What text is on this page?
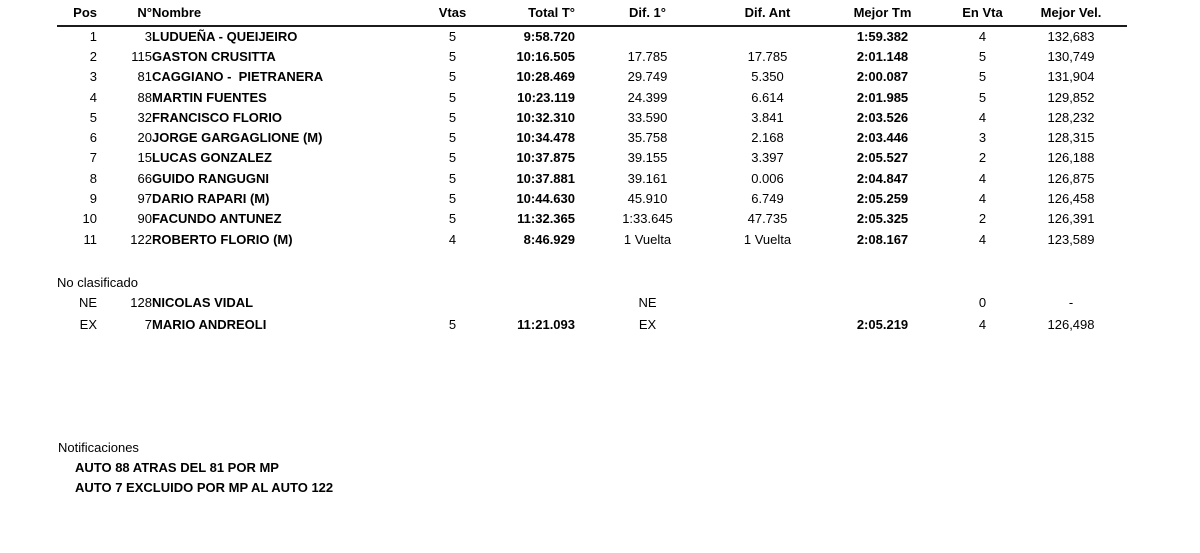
Pos	N°	Nombre	Vtas	Total T°	Dif. 1°	Dif. Ant	Mejor Tm	En Vta	Mejor Vel.
1	3	LUDUEÑA - QUEIJEIRO	5	9:58.720			1:59.382	4	132,683
2	115	GASTON CRUSITTA	5	10:16.505	17.785	17.785	2:01.148	5	130,749
3	81	CAGGIANO -  PIETRANERA	5	10:28.469	29.749	5.350	2:00.087	5	131,904
4	88	MARTIN FUENTES	5	10:23.119	24.399	6.614	2:01.985	5	129,852
5	32	FRANCISCO FLORIO	5	10:32.310	33.590	3.841	2:03.526	4	128,232
6	20	JORGE GARGAGLIONE (M)	5	10:34.478	35.758	2.168	2:03.446	3	128,315
7	15	LUCAS GONZALEZ	5	10:37.875	39.155	3.397	2:05.527	2	126,188
8	66	GUIDO RANGUGNI	5	10:37.881	39.161	0.006	2:04.847	4	126,875
9	97	DARIO RAPARI (M)	5	10:44.630	45.910	6.749	2:05.259	4	126,458
10	90	FACUNDO ANTUNEZ	5	11:32.365	1:33.645	47.735	2:05.325	2	126,391
11	122	ROBERTO FLORIO (M)	4	8:46.929	1 Vuelta	1 Vuelta	2:08.167	4	123,589

No clasificado									
NE	128	NICOLAS VIDAL			NE			0	-
EX	7	MARIO ANDREOLI	5	11:21.093	EX		2:05.219	4	126,498
Notificaciones
AUTO 88 ATRAS DEL 81 POR MP
AUTO 7 EXCLUIDO POR MP AL AUTO 122
